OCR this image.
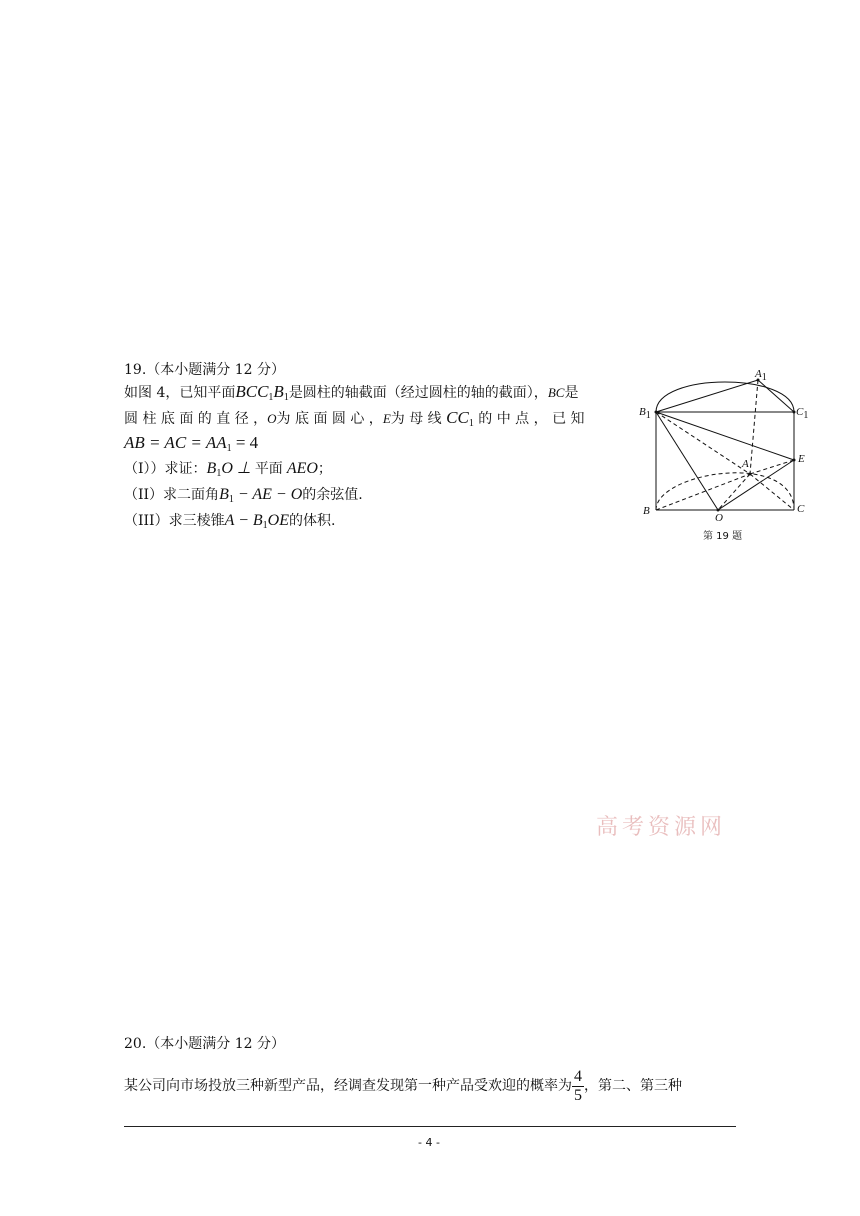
19.（本小题满分 12 分）
如图 4，已知平面$BCC_1B_1$是圆柱的轴截面（经过圆柱的轴的截面），BC是
圆 柱 底 面 的 直 径 ，O为 底 面 圆 心 ，E为 母 线 $CC_1$ 的 中 点 ， 已 知
AB = AC = $AA_1 = 4$
（I））求证：$B_1O$ ⊥ 平面 AEO；
（II）求二面角$B_1$ − AE − O的余弦值.
（III）求三棱锥$A - B_1OE$的体积.
A1
B1	C1
E
A
B
O
C
第 19 题
高考资源网
20.（本小题满分 12 分）
某公司向市场投放三种新型产品，经调查发现第一种产品受欢迎的概率为 $\frac{4}{5}$ ，第二、第三种
- 4 -
